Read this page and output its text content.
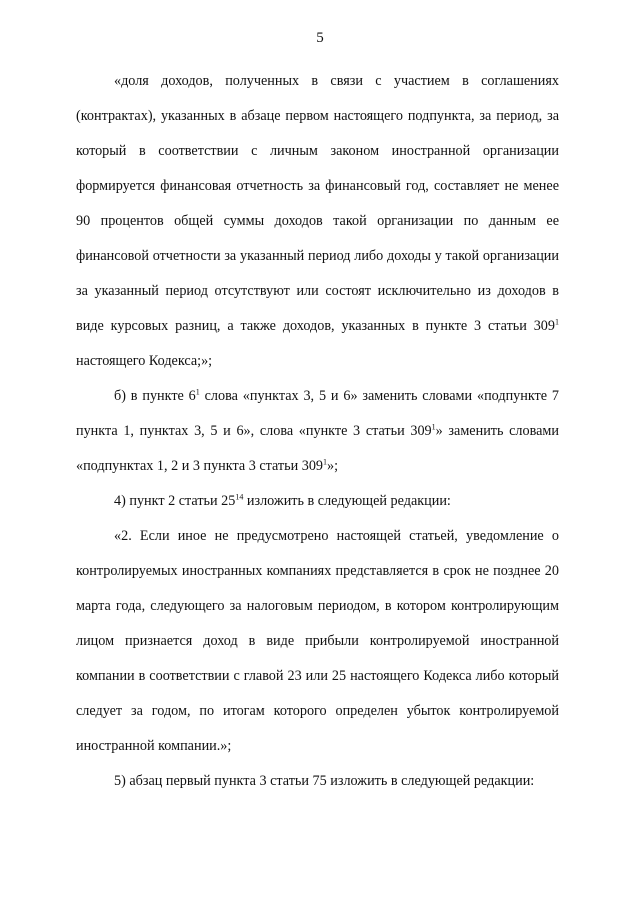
5

«доля доходов, полученных в связи с участием в соглашениях (контрактах), указанных в абзаце первом настоящего подпункта, за период, за который в соответствии с личным законом иностранной организации формируется финансовая отчетность за финансовый год, составляет не менее 90 процентов общей суммы доходов такой организации по данным ее финансовой отчетности за указанный период либо доходы у такой организации за указанный период отсутствуют или состоят исключительно из доходов в виде курсовых разниц, а также доходов, указанных в пункте 3 статьи $309^1$ настоящего Кодекса;»;

б) в пункте $6^1$ слова «пунктах 3, 5 и 6» заменить словами «подпункте 7 пункта 1, пунктах 3, 5 и 6», слова «пункте 3 статьи $309^1$» заменить словами «подпунктах 1, 2 и 3 пункта 3 статьи $309^1$»;

4) пункт 2 статьи $25^{14}$ изложить в следующей редакции:

«2. Если иное не предусмотрено настоящей статьей, уведомление о контролируемых иностранных компаниях представляется в срок не позднее 20 марта года, следующего за налоговым периодом, в котором контролирующим лицом признается доход в виде прибыли контролируемой иностранной компании в соответствии с главой 23 или 25 настоящего Кодекса либо который следует за годом, по итогам которого определен убыток контролируемой иностранной компании.»;

5) абзац первый пункта 3 статьи 75 изложить в следующей редакции:
